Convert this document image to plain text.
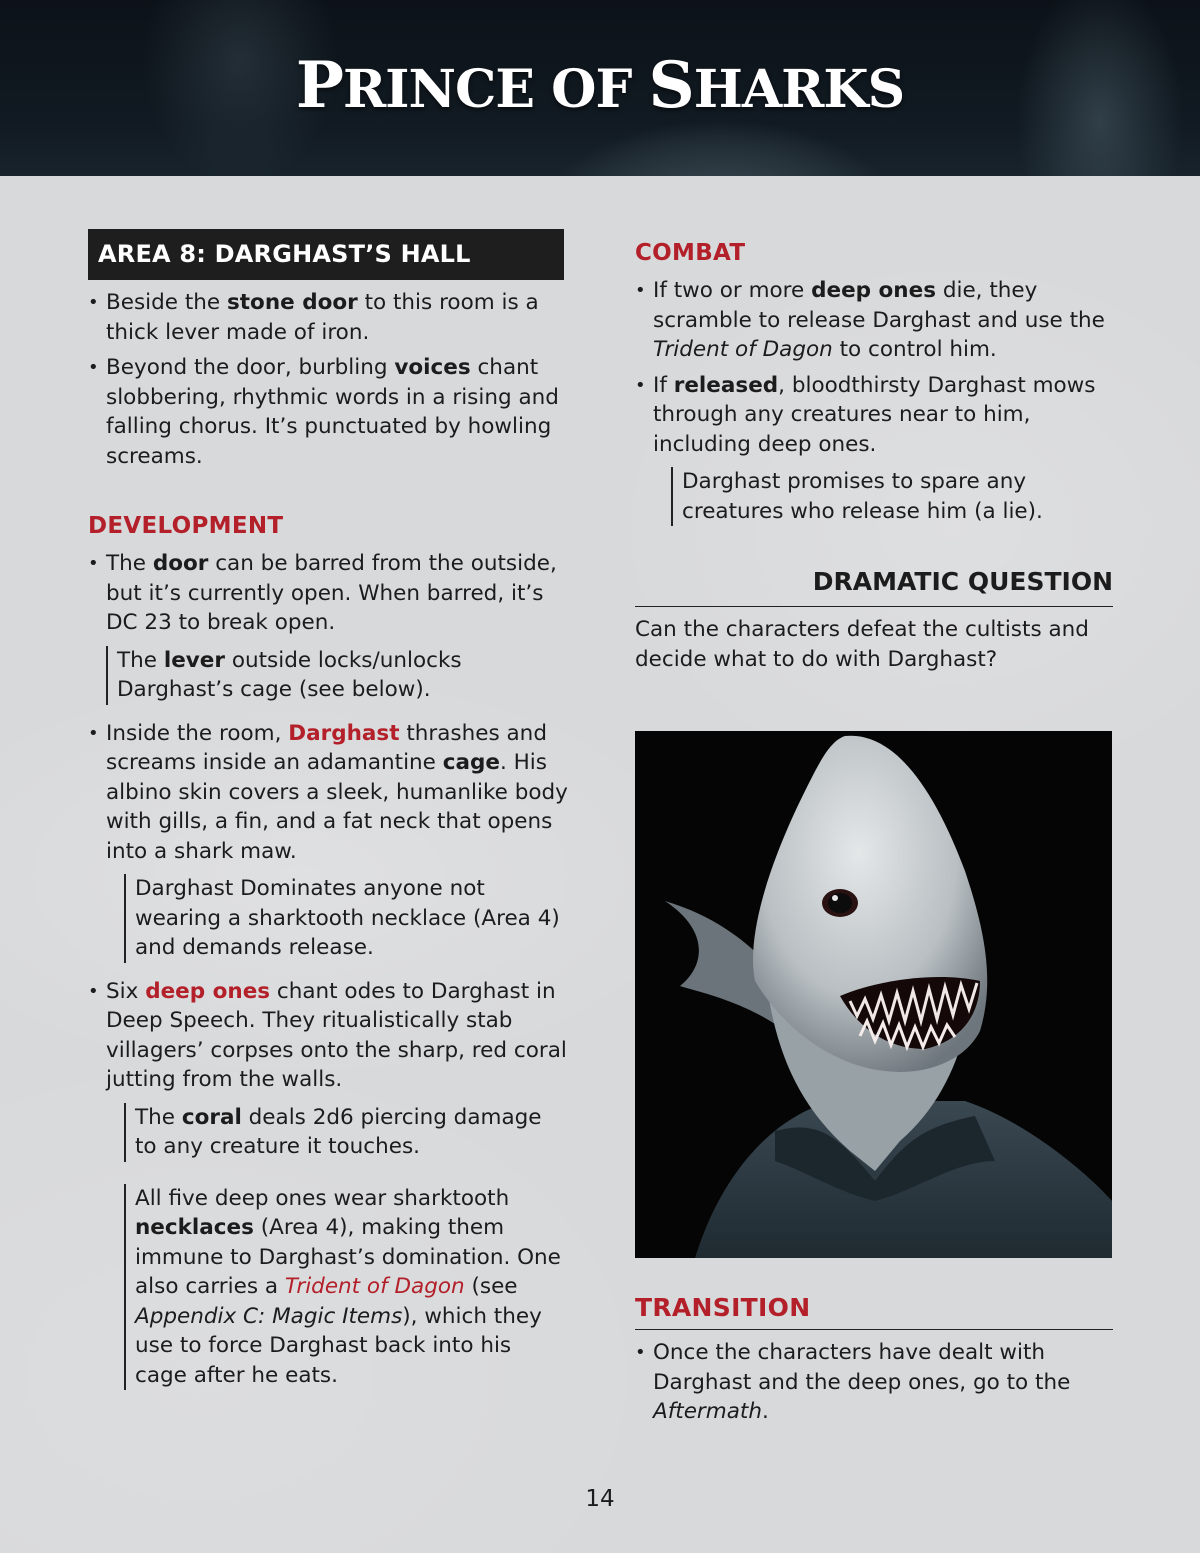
PRINCE OF SHARKS
AREA 8: DARGHAST’S HALL
• Beside the stone door to this room is a thick lever made of iron.
• Beyond the door, burbling voices chant slobbering, rhythmic words in a rising and falling chorus. It’s punctuated by howling screams.
DEVELOPMENT
• The door can be barred from the outside, but it’s currently open. When barred, it’s DC 23 to break open.
The lever outside locks/unlocks Darghast’s cage (see below).
• Inside the room, Darghast thrashes and screams inside an adamantine cage. His albino skin covers a sleek, humanlike body with gills, a fin, and a fat neck that opens into a shark maw.
Darghast Dominates anyone not wearing a sharktooth necklace (Area 4) and demands release.
• Six deep ones chant odes to Darghast in Deep Speech. They ritualistically stab villagers’ corpses onto the sharp, red coral jutting from the walls.
The coral deals 2d6 piercing damage to any creature it touches.
All five deep ones wear sharktooth necklaces (Area 4), making them immune to Darghast’s domination. One also carries a Trident of Dagon (see Appendix C: Magic Items), which they use to force Darghast back into his cage after he eats.
COMBAT
• If two or more deep ones die, they scramble to release Darghast and use the Trident of Dagon to control him.
• If released, bloodthirsty Darghast mows through any creatures near to him, including deep ones.
Darghast promises to spare any creatures who release him (a lie).
DRAMATIC QUESTION

Can the characters defeat the cultists and decide what to do with Darghast?

TRANSITION
• Once the characters have dealt with Darghast and the deep ones, go to the Aftermath.
14
